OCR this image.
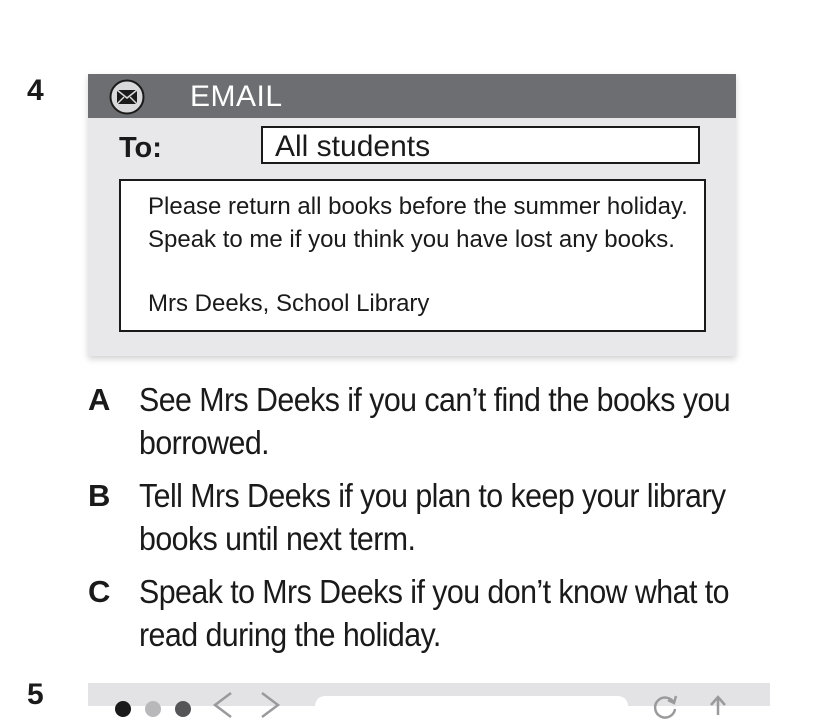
4	EMAIL
To:	All students
Please return all books before the summer holiday. Speak to me if you think you have lost any books.
Mrs Deeks, School Library
A See Mrs Deeks if you can’t find the books you borrowed.
B Tell Mrs Deeks if you plan to keep your library books until next term.
C Speak to Mrs Deeks if you don’t know what to read during the holiday.
5
